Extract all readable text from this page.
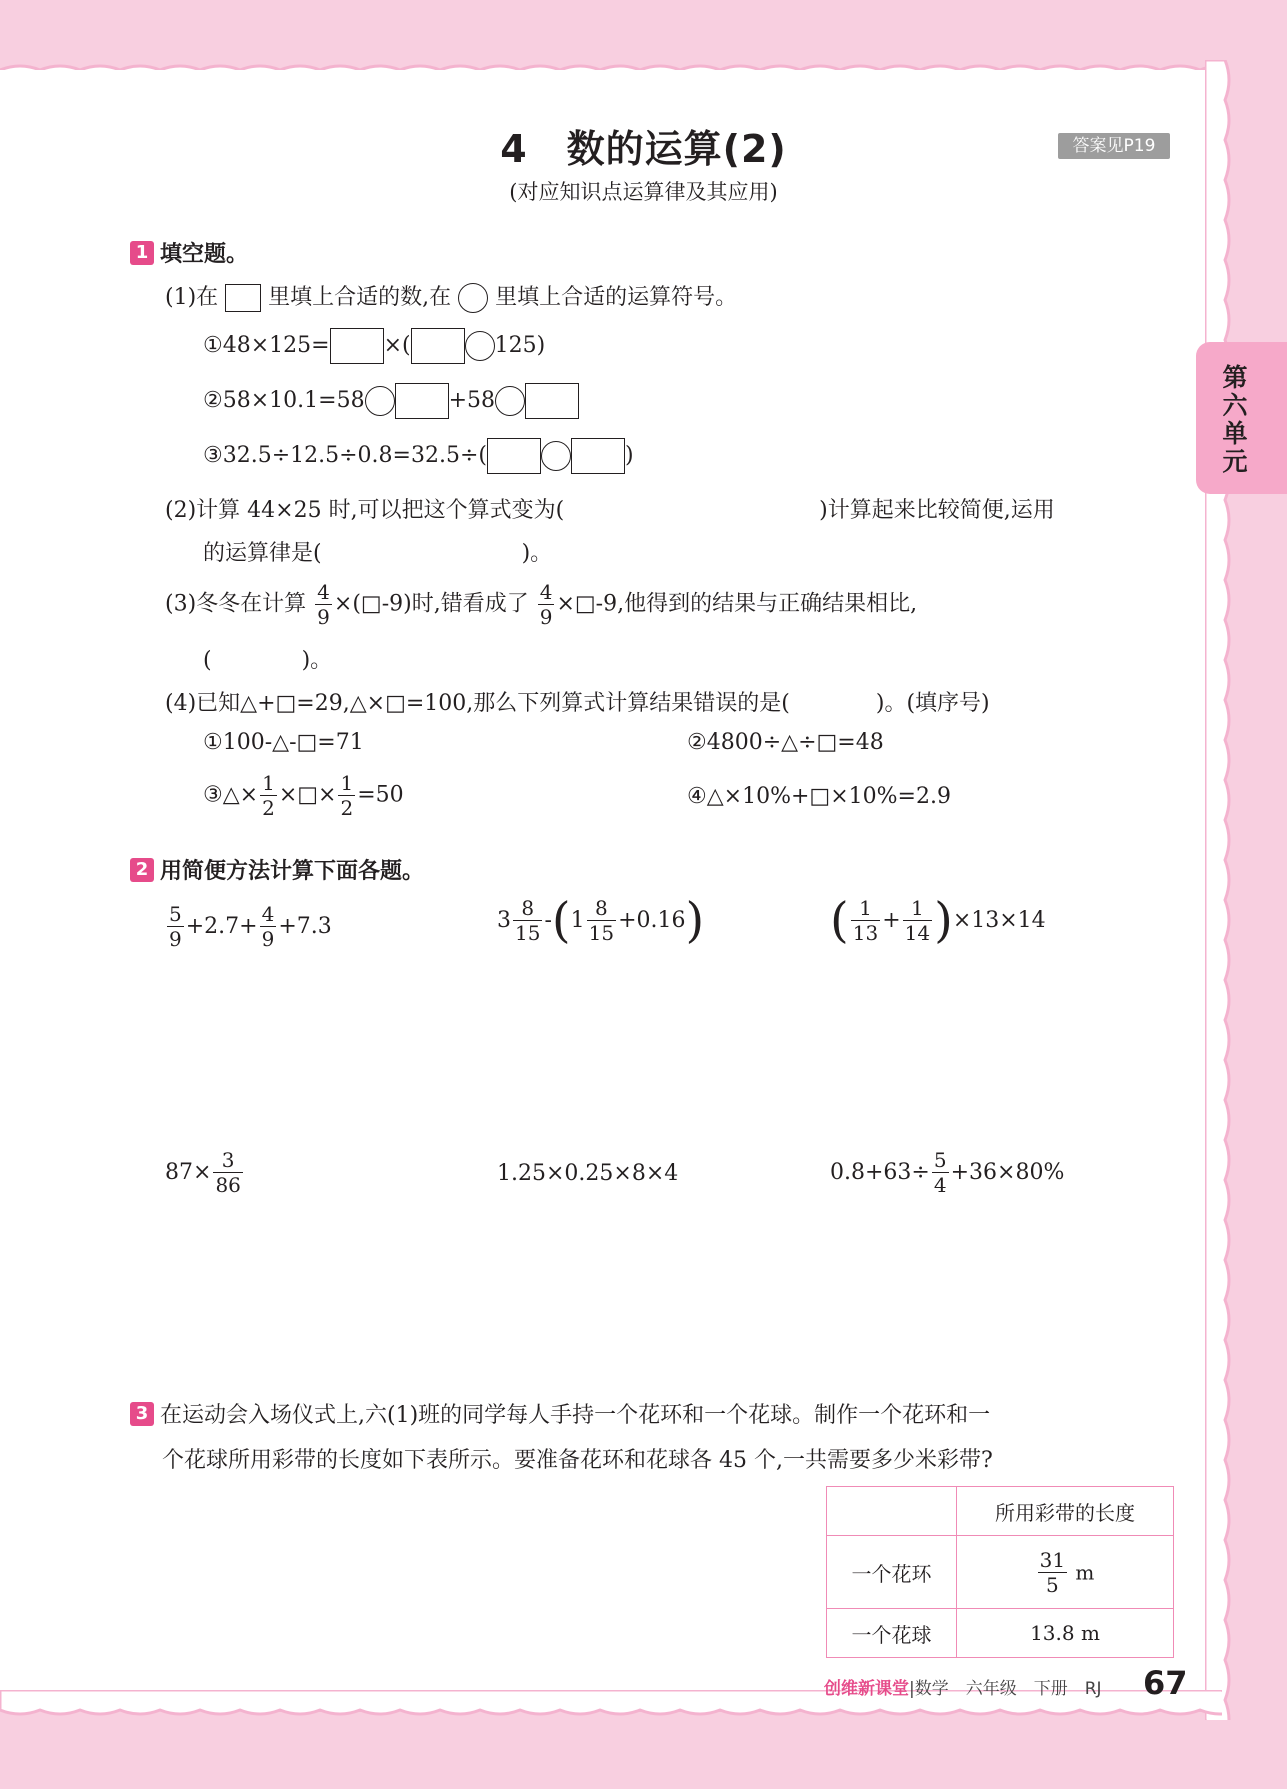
4　数的运算(2)
(对应知识点运算律及其应用)
答案见P19
第六单元
1 填空题。
(1)在 里填上合适的数,在 里填上合适的运算符号。
①48×125= ×(	125)
②58×10.1=58	+58
③32.5÷12.5÷0.8=32.5÷(	)
(2)计算 44×25 时,可以把这个算式变为(	)计算起来比较简便,运用
的运算律是(	)。
(3)冬冬在计算 $\frac{4}{9}$ ×(□-9)时,错看成了 $\frac{4}{9}$ ×□-9,他得到的结果与正确结果相比,
(	)。
(4)已知△+□=29,△×□=100,那么下列算式计算结果错误的是(	)。(填序号)
①100-△-□=71	②4800÷△÷□=48
③△× $\frac{1}{2}$ ×□× $\frac{1}{2} =50$	④△×10%+□×10%=2.9
2 用简便方法计算下面各题。
$\frac{5}{9} +2.7+ \frac{4}{9} +7.3$	$3 \frac{8}{15} -(1 \frac{8}{15} +0.16)$	( $\frac{1}{13} + \frac{1}{14} )\times 13\times 14$
$87\times \frac{3}{86}$	1.25×0.25×8×4	$0.8+63\div \frac{5}{4} +36\times 80\%$
3 在运动会入场仪式上,六(1)班的同学每人手持一个花环和一个花球。制作一个花环和一
个花球所用彩带的长度如下表所示。要准备花环和花球各 45 个,一共需要多少米彩带?
	所用彩带的长度
一个花环	$\frac{31}{5}$ m
一个花球	13.8 m
创维新课堂|数学　六年级　下册　RJ 67
